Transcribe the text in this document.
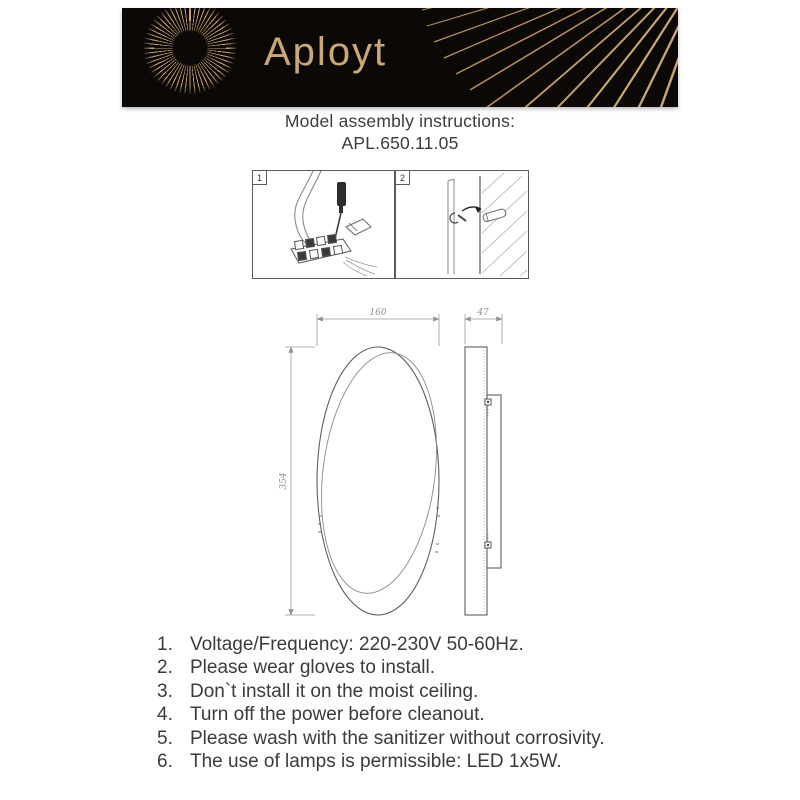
Aployt
Model assembly instructions:
APL.650.11.05
1	2
160	47
354
1. Voltage/Frequency: 220-230V 50-60Hz.
2. Please wear gloves to install.
3. Don`t install it on the moist ceiling.
4. Turn off the power before cleanout.
5. Please wash with the sanitizer without corrosivity.
6. The use of lamps is permissible: LED 1x5W.
